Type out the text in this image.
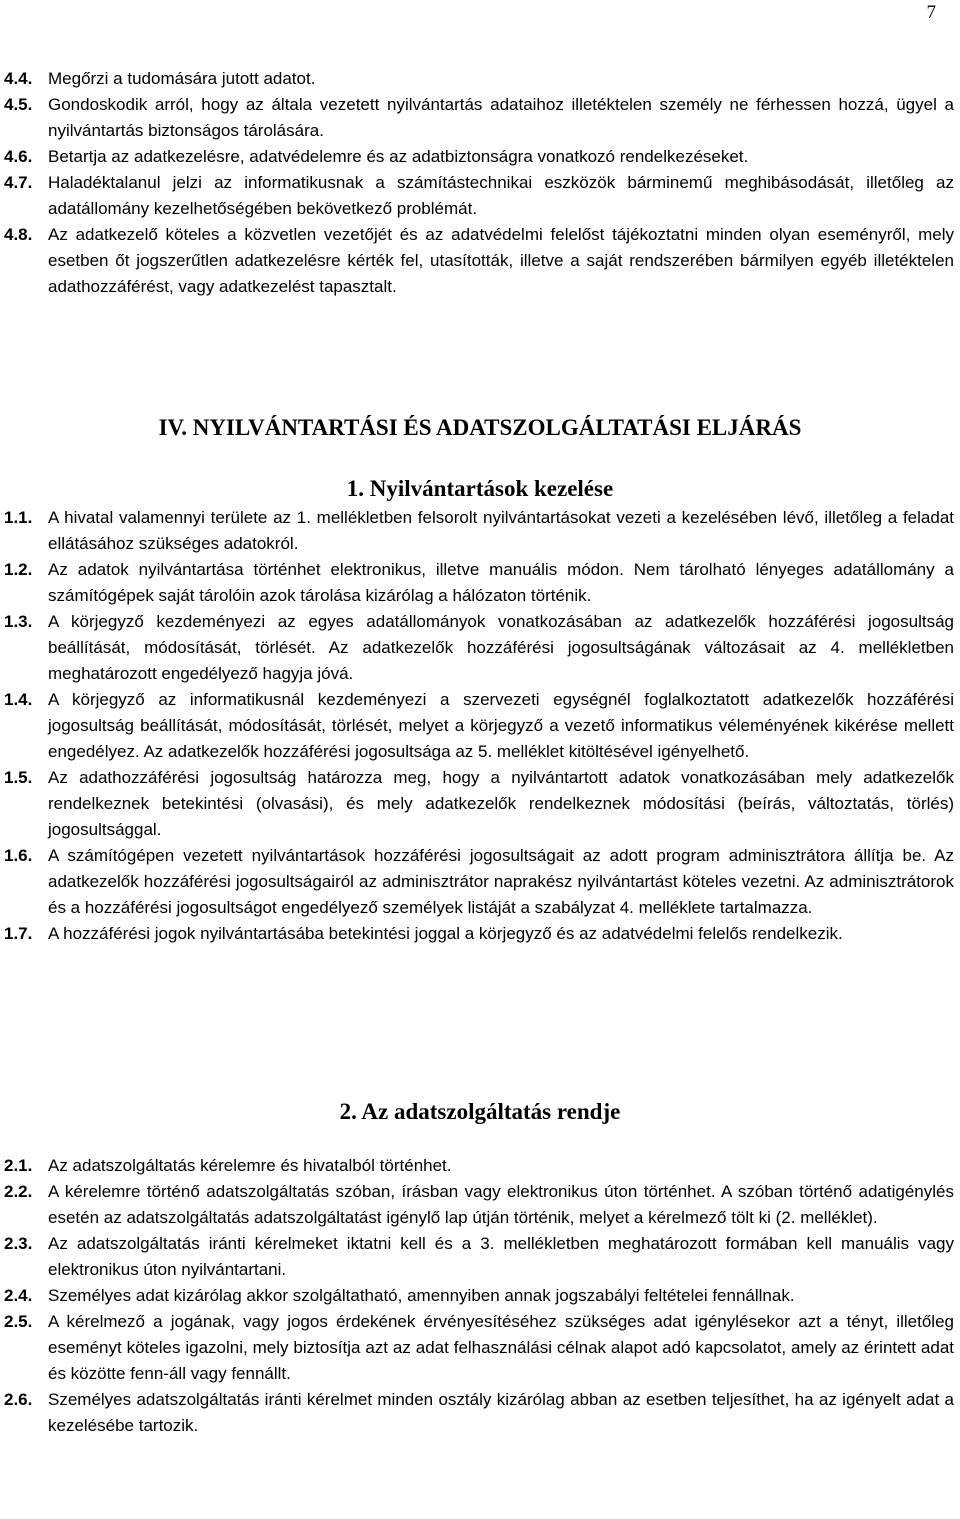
7
4.4. Megőrzi a tudomására jutott adatot.
4.5. Gondoskodik arról, hogy az általa vezetett nyilvántartás adataihoz illetéktelen személy ne férhessen hozzá, ügyel a nyilvántartás biztonságos tárolására.
4.6. Betartja az adatkezelésre, adatvédelemre és az adatbiztonságra vonatkozó rendelkezéseket.
4.7. Haladéktalanul jelzi az informatikusnak a számítástechnikai eszközök bárminemű meghibásodását, illetőleg az adatállomány kezelhetőségében bekövetkező problémát.
4.8. Az adatkezelő köteles a közvetlen vezetőjét és az adatvédelmi felelőst tájékoztatni minden olyan eseményről, mely esetben őt jogszerűtlen adatkezelésre kérték fel, utasították, illetve a saját rendszerében bármilyen egyéb illetéktelen adathozzáférést, vagy adatkezelést tapasztalt.
IV. NYILVÁNTARTÁSI ÉS ADATSZOLGÁLTATÁSI ELJÁRÁS
1. Nyilvántartások kezelése
1.1. A hivatal valamennyi területe az 1. mellékletben felsorolt nyilvántartásokat vezeti a kezelésében lévő, illetőleg a feladat ellátásához szükséges adatokról.
1.2. Az adatok nyilvántartása történhet elektronikus, illetve manuális módon. Nem tárolható lényeges adatállomány a számítógépek saját tárolóin azok tárolása kizárólag a hálózaton történik.
1.3. A körjegyző kezdeményezi az egyes adatállományok vonatkozásában az adatkezelők hozzáférési jogosultság beállítását, módosítását, törlését. Az adatkezelők hozzáférési jogosultságának változásait az 4. mellékletben meghatározott engedélyező hagyja jóvá.
1.4. A körjegyző az informatikusnál kezdeményezi a szervezeti egységnél foglalkoztatott adatkezelők hozzáférési jogosultság beállítását, módosítását, törlését, melyet a körjegyző a vezető informatikus véleményének kikérése mellett engedélyez. Az adatkezelők hozzáférési jogosultsága az 5. melléklet kitöltésével igényelhető.
1.5. Az adathozzáférési jogosultság határozza meg, hogy a nyilvántartott adatok vonatkozásában mely adatkezelők rendelkeznek betekintési (olvasási), és mely adatkezelők rendelkeznek módosítási (beírás, változtatás, törlés) jogosultsággal.
1.6. A számítógépen vezetett nyilvántartások hozzáférési jogosultságait az adott program adminisztrátora állítja be. Az adatkezelők hozzáférési jogosultságairól az adminisztrátor naprakész nyilvántartást köteles vezetni. Az adminisztrátorok és a hozzáférési jogosultságot engedélyező személyek listáját a szabályzat 4. melléklete tartalmazza.
1.7. A hozzáférési jogok nyilvántartásába betekintési joggal a körjegyző és az adatvédelmi felelős rendelkezik.
2. Az adatszolgáltatás rendje
2.1. Az adatszolgáltatás kérelemre és hivatalból történhet.
2.2. A kérelemre történő adatszolgáltatás szóban, írásban vagy elektronikus úton történhet. A szóban történő adatigénylés esetén az adatszolgáltatás adatszolgáltatást igénylő lap útján történik, melyet a kérelmező tölt ki (2. melléklet).
2.3. Az adatszolgáltatás iránti kérelmeket iktatni kell és a 3. mellékletben meghatározott formában kell manuális vagy elektronikus úton nyilvántartani.
2.4. Személyes adat kizárólag akkor szolgáltatható, amennyiben annak jogszabályi feltételei fennállnak.
2.5. A kérelmező a jogának, vagy jogos érdekének érvényesítéséhez szükséges adat igénylésekor azt a tényt, illetőleg eseményt köteles igazolni, mely biztosítja azt az adat felhasználási célnak alapot adó kapcsolatot, amely az érintett adat és közötte fenn-áll vagy fennállt.
2.6. Személyes adatszolgáltatás iránti kérelmet minden osztály kizárólag abban az esetben teljesíthet, ha az igényelt adat a kezelésébe tartozik.
